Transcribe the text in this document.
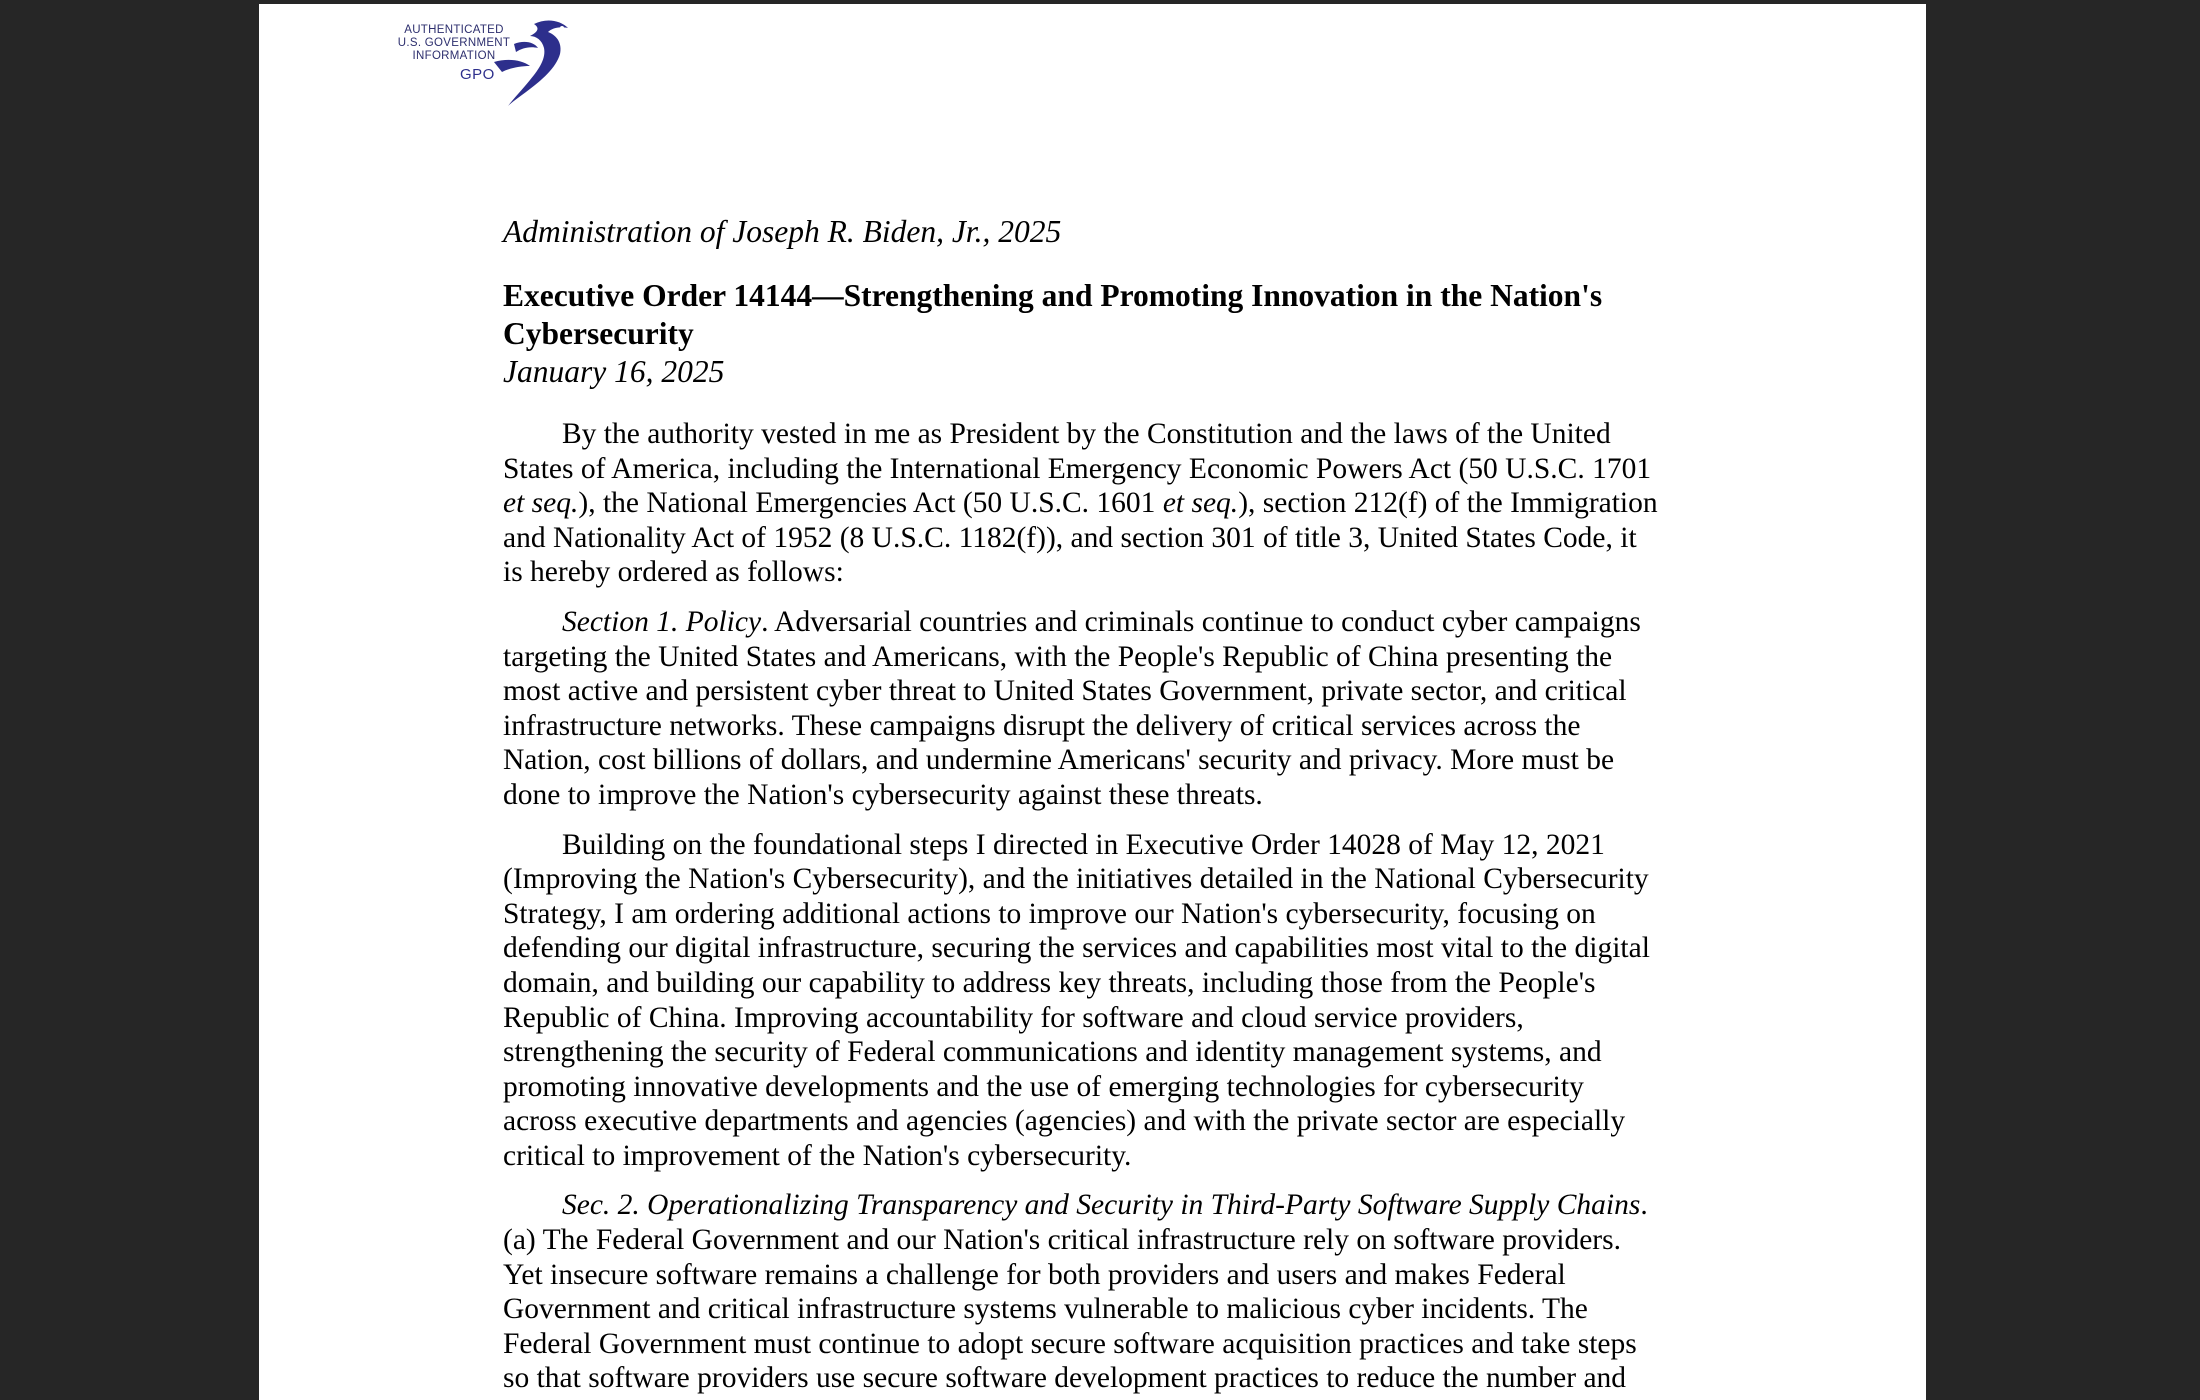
AUTHENTICATED
U.S. GOVERNMENT
INFORMATION
GPO

Administration of Joseph R. Biden, Jr., 2025

Executive Order 14144—Strengthening and Promoting Innovation in the Nation's
Cybersecurity

January 16, 2025

By the authority vested in me as President by the Constitution and the laws of the United
States of America, including the International Emergency Economic Powers Act (50 U.S.C. 1701
et seq.), the National Emergencies Act (50 U.S.C. 1601 et seq.), section 212(f) of the Immigration
and Nationality Act of 1952 (8 U.S.C. 1182(f)), and section 301 of title 3, United States Code, it
is hereby ordered as follows:
Section 1. Policy. Adversarial countries and criminals continue to conduct cyber campaigns
targeting the United States and Americans, with the People's Republic of China presenting the
most active and persistent cyber threat to United States Government, private sector, and critical
infrastructure networks. These campaigns disrupt the delivery of critical services across the
Nation, cost billions of dollars, and undermine Americans' security and privacy. More must be
done to improve the Nation's cybersecurity against these threats.
Building on the foundational steps I directed in Executive Order 14028 of May 12, 2021
(Improving the Nation's Cybersecurity), and the initiatives detailed in the National Cybersecurity
Strategy, I am ordering additional actions to improve our Nation's cybersecurity, focusing on
defending our digital infrastructure, securing the services and capabilities most vital to the digital
domain, and building our capability to address key threats, including those from the People's
Republic of China. Improving accountability for software and cloud service providers,
strengthening the security of Federal communications and identity management systems, and
promoting innovative developments and the use of emerging technologies for cybersecurity
across executive departments and agencies (agencies) and with the private sector are especially
critical to improvement of the Nation's cybersecurity.
Sec. 2. Operationalizing Transparency and Security in Third-Party Software Supply Chains.
(a) The Federal Government and our Nation's critical infrastructure rely on software providers.
Yet insecure software remains a challenge for both providers and users and makes Federal
Government and critical infrastructure systems vulnerable to malicious cyber incidents. The
Federal Government must continue to adopt secure software acquisition practices and take steps
so that software providers use secure software development practices to reduce the number and
